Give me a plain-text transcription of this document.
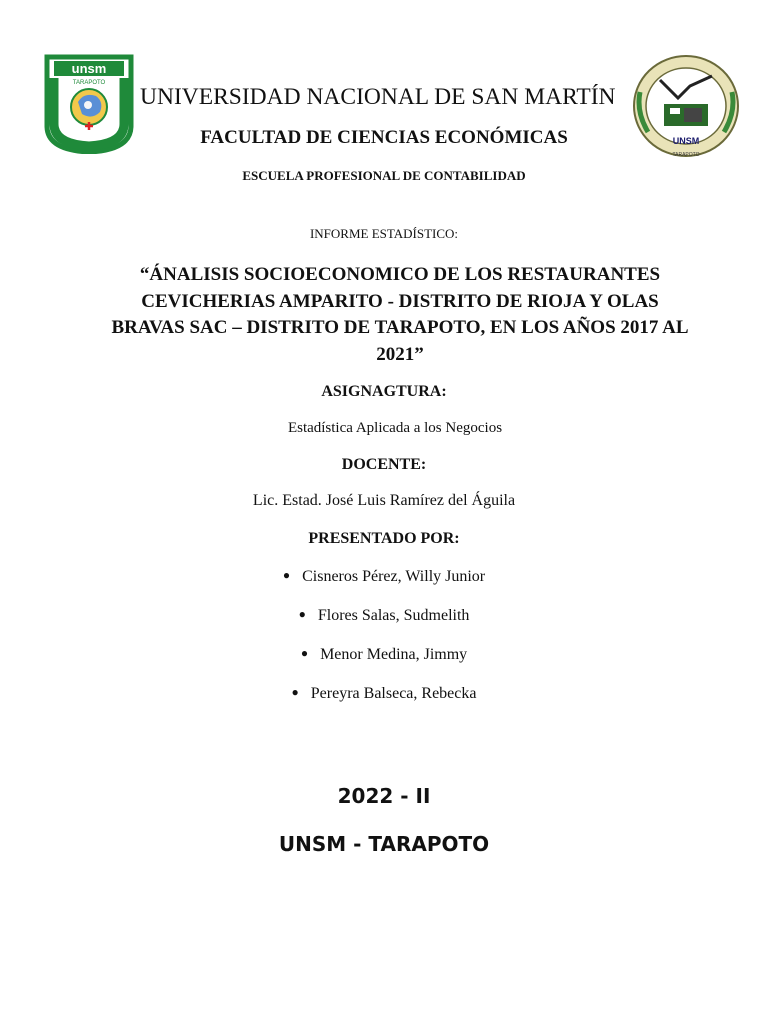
unsm
TARAPOTO
UNSM
TARAPOTO
UNIVERSIDAD NACIONAL DE SAN MARTÍN
FACULTAD DE CIENCIAS ECONÓMICAS
ESCUELA PROFESIONAL DE CONTABILIDAD
INFORME ESTADÍSTICO:
“ÁNALISIS SOCIOECONOMICO DE LOS RESTAURANTES CEVICHERIAS AMPARITO - DISTRITO DE RIOJA Y OLAS BRAVAS SAC – DISTRITO DE TARAPOTO, EN LOS AÑOS 2017 AL 2021”
ASIGNAGTURA:
Estadística Aplicada a los Negocios
DOCENTE:
Lic. Estad. José Luis Ramírez del Águila
PRESENTADO POR:
● Cisneros Pérez, Willy Junior
● Flores Salas, Sudmelith
● Menor Medina, Jimmy
● Pereyra Balseca, Rebecka
2022 - II
UNSM - TARAPOTO
